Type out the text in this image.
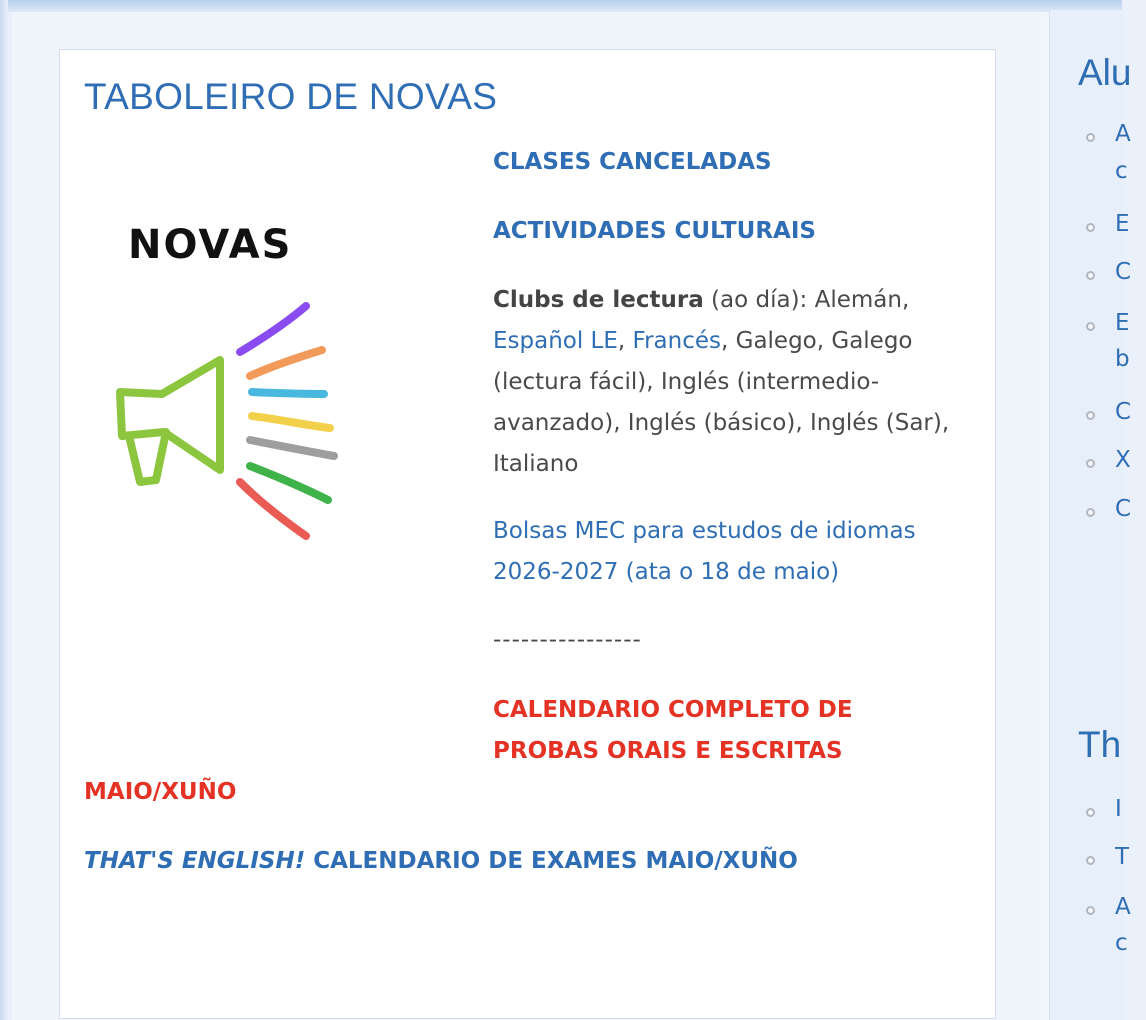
TABOLEIRO DE NOVAS
NOVAS
CLASES CANCELADAS
ACTIVIDADES CULTURAIS
Clubs de lectura (ao día): Alemán, Español LE, Francés, Galego, Galego (lectura fácil), Inglés (intermedio-avanzado), Inglés (básico), Inglés (Sar), Italiano
Bolsas MEC para estudos de idiomas 2026-2027 (ata o 18 de maio)
----------------
CALENDARIO COMPLETO DE
PROBAS ORAIS E ESCRITAS
MAIO/XUÑO
THAT'S ENGLISH! CALENDARIO DE EXAMES MAIO/XUÑO
Alu
A
c
E
C
E
b
C
X
C
Th
I
T
A
c
